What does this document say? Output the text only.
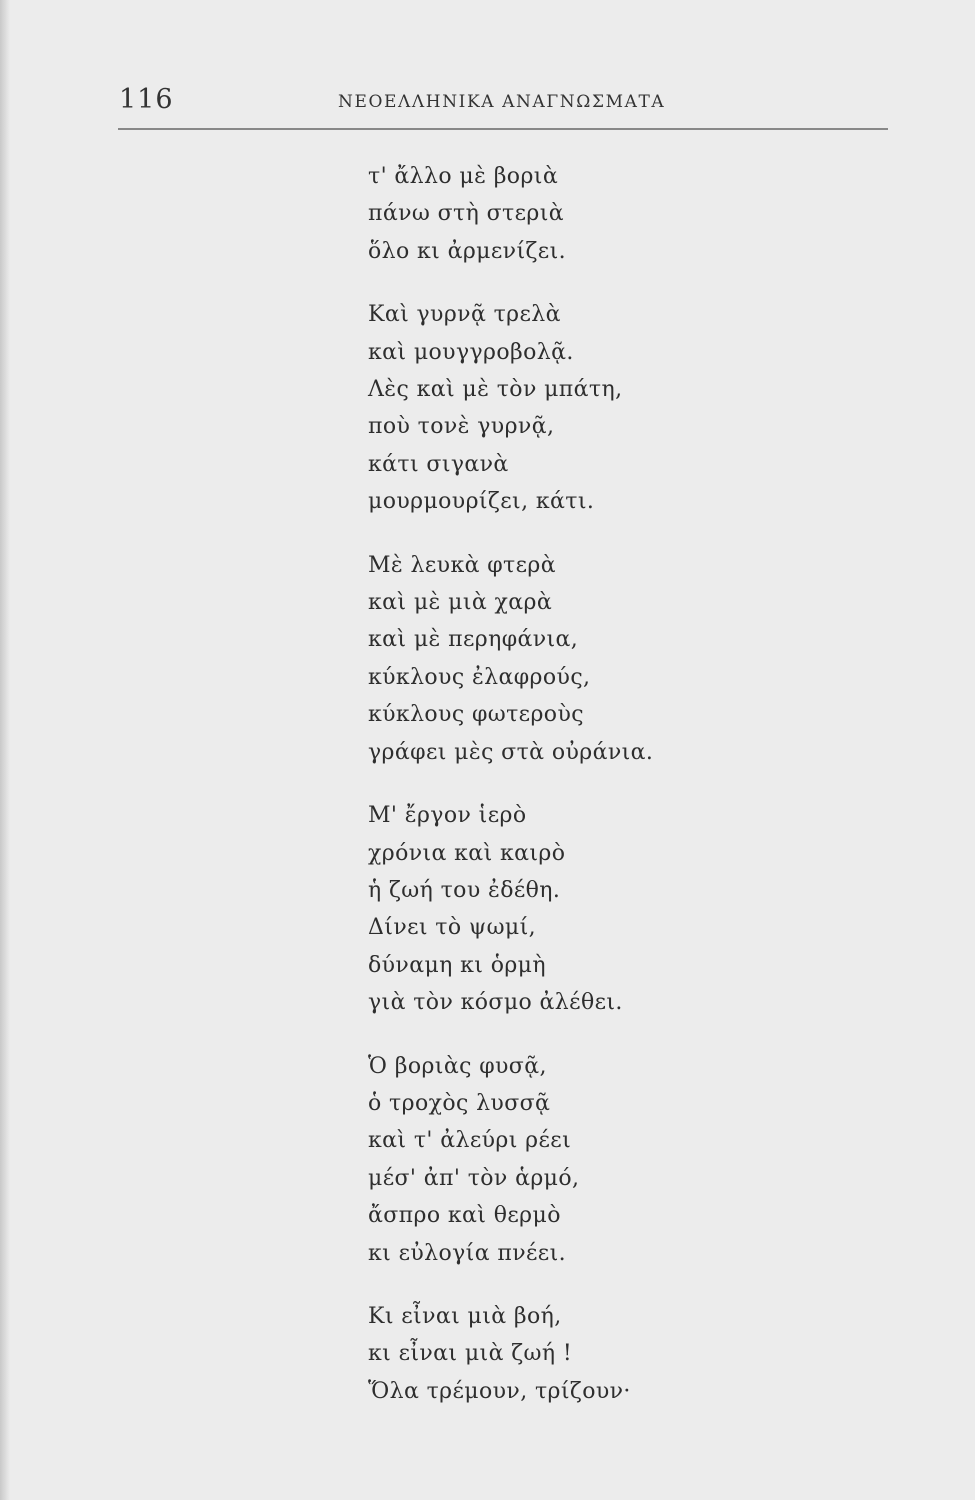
116	ΝΕΟΕΛΛΗΝΙΚΑ ΑΝΑΓΝΩΣΜΑΤΑ
τ' ἄλλο μὲ βοριὰ
πάνω στὴ στεριὰ
ὅλο κι ἀρμενίζει.
Καὶ γυρνᾷ τρελὰ
καὶ μουγγροβολᾷ.
Λὲς καὶ μὲ τὸν μπάτη,
ποὺ τονὲ γυρνᾷ,
κάτι σιγανὰ
μουρμουρίζει, κάτι.
Μὲ λευκὰ φτερὰ
καὶ μὲ μιὰ χαρὰ
καὶ μὲ περηφάνια,
κύκλους ἐλαφρούς,
κύκλους φωτεροὺς
γράφει μὲς στὰ οὐράνια.
Μ' ἔργον ἱερὸ
χρόνια καὶ καιρὸ
ἡ ζωή του ἐδέθη.
Δίνει τὸ ψωμί,
δύναμη κι ὁρμὴ
γιὰ τὸν κόσμο ἀλέθει.
Ὁ βοριὰς φυσᾷ,
ὁ τροχὸς λυσσᾷ
καὶ τ' ἀλεύρι ρέει
μέσ' ἀπ' τὸν ἁρμό,
ἄσπρο καὶ θερμὸ
κι εὐλογία πνέει.
Κι εἶναι μιὰ βοή,
κι εἶναι μιὰ ζωή !
Ὅλα τρέμουν, τρίζουν·
